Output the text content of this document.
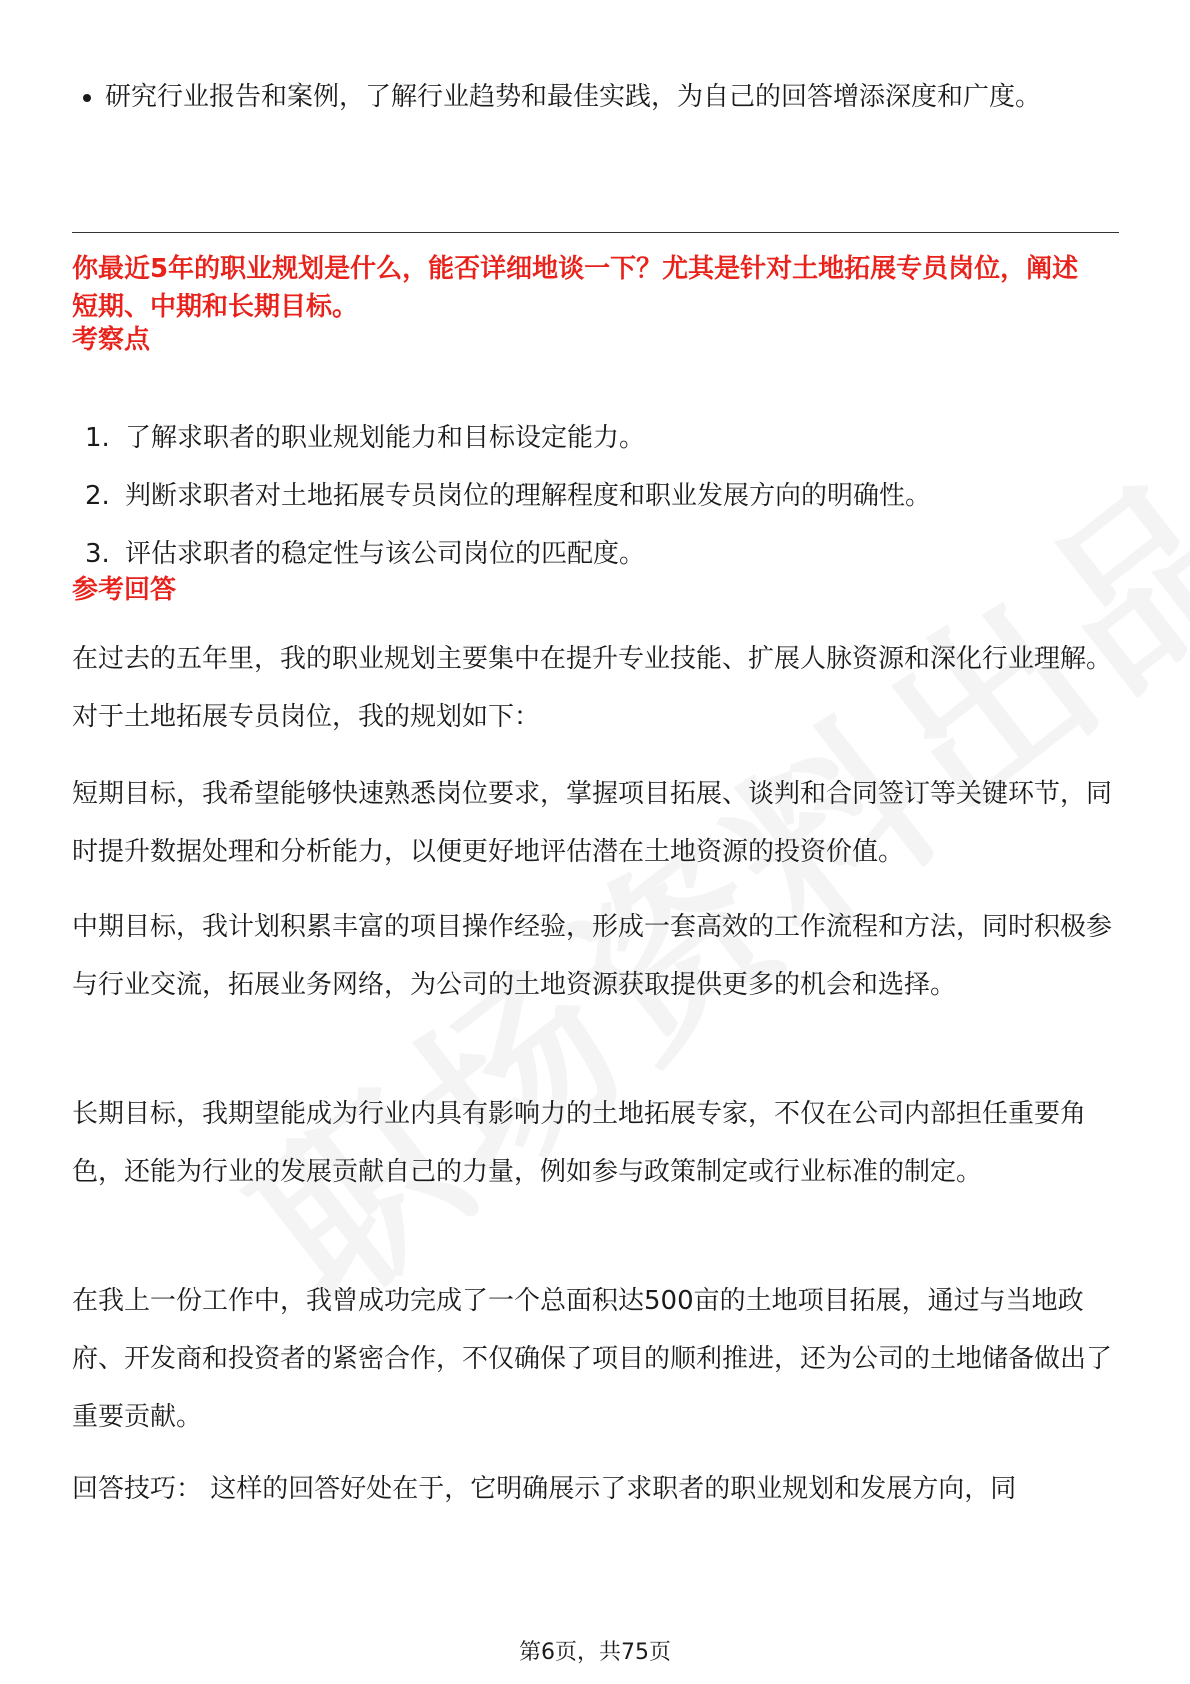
研究行业报告和案例，了解行业趋势和最佳实践，为自己的回答增添深度和广度。
你最近5年的职业规划是什么，能否详细地谈一下？尤其是针对土地拓展专员岗位，阐述短期、中期和长期目标。
考察点
1. 了解求职者的职业规划能力和目标设定能力。
2. 判断求职者对土地拓展专员岗位的理解程度和职业发展方向的明确性。
3. 评估求职者的稳定性与该公司岗位的匹配度。
参考回答
在过去的五年里，我的职业规划主要集中在提升专业技能、扩展人脉资源和深化行业理解。对于土地拓展专员岗位，我的规划如下：
短期目标，我希望能够快速熟悉岗位要求，掌握项目拓展、谈判和合同签订等关键环节，同时提升数据处理和分析能力，以便更好地评估潜在土地资源的投资价值。
中期目标，我计划积累丰富的项目操作经验，形成一套高效的工作流程和方法，同时积极参与行业交流，拓展业务网络，为公司的土地资源获取提供更多的机会和选择。
长期目标，我期望能成为行业内具有影响力的土地拓展专家，不仅在公司内部担任重要角色，还能为行业的发展贡献自己的力量，例如参与政策制定或行业标准的制定。
在我上一份工作中，我曾成功完成了一个总面积达500亩的土地项目拓展，通过与当地政府、开发商和投资者的紧密合作，不仅确保了项目的顺利推进，还为公司的土地储备做出了重要贡献。
回答技巧： 这样的回答好处在于，它明确展示了求职者的职业规划和发展方向，同
第6页，共75页
